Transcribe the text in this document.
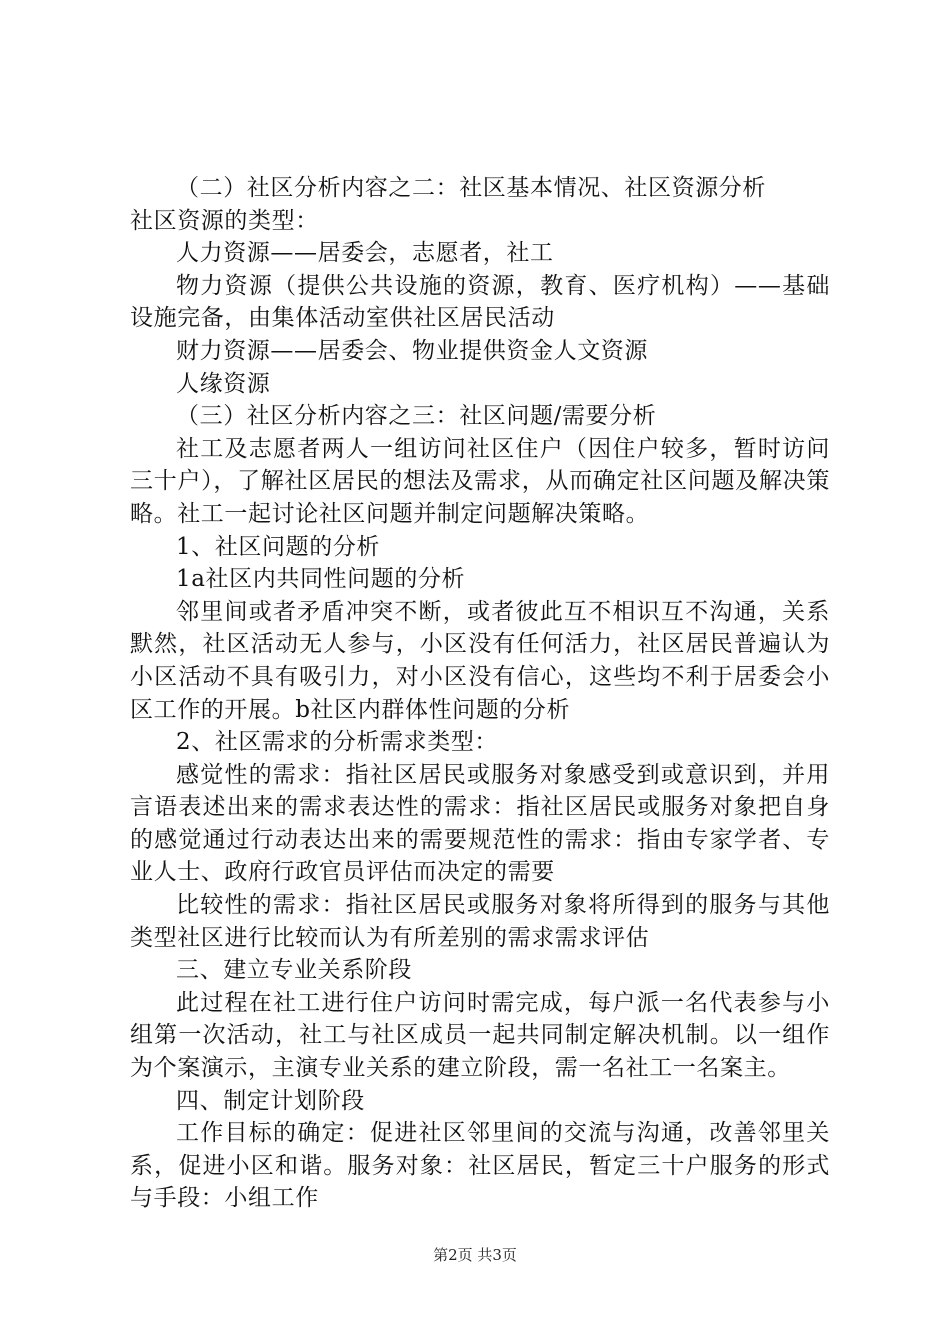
（二）社区分析内容之二：社区基本情况、社区资源分析

社区资源的类型：

人力资源——居委会，志愿者，社工

物力资源（提供公共设施的资源，教育、医疗机构）——基础设施完备，由集体活动室供社区居民活动

财力资源——居委会、物业提供资金人文资源

人缘资源

（三）社区分析内容之三：社区问题/需要分析

社工及志愿者两人一组访问社区住户（因住户较多，暂时访问三十户），了解社区居民的想法及需求，从而确定社区问题及解决策略。社工一起讨论社区问题并制定问题解决策略。

1、社区问题的分析

1a社区内共同性问题的分析

邻里间或者矛盾冲突不断，或者彼此互不相识互不沟通，关系默然，社区活动无人参与，小区没有任何活力，社区居民普遍认为小区活动不具有吸引力，对小区没有信心，这些均不利于居委会小区工作的开展。b社区内群体性问题的分析

2、社区需求的分析需求类型：

感觉性的需求：指社区居民或服务对象感受到或意识到，并用言语表述出来的需求表达性的需求：指社区居民或服务对象把自身的感觉通过行动表达出来的需要规范性的需求：指由专家学者、专业人士、政府行政官员评估而决定的需要

比较性的需求：指社区居民或服务对象将所得到的服务与其他类型社区进行比较而认为有所差别的需求需求评估

三、建立专业关系阶段

此过程在社工进行住户访问时需完成，每户派一名代表参与小组第一次活动，社工与社区成员一起共同制定解决机制。以一组作为个案演示，主演专业关系的建立阶段，需一名社工一名案主。

四、制定计划阶段

工作目标的确定：促进社区邻里间的交流与沟通，改善邻里关系，促进小区和谐。服务对象：社区居民，暂定三十户服务的形式与手段：小组工作

第2页 共3页
